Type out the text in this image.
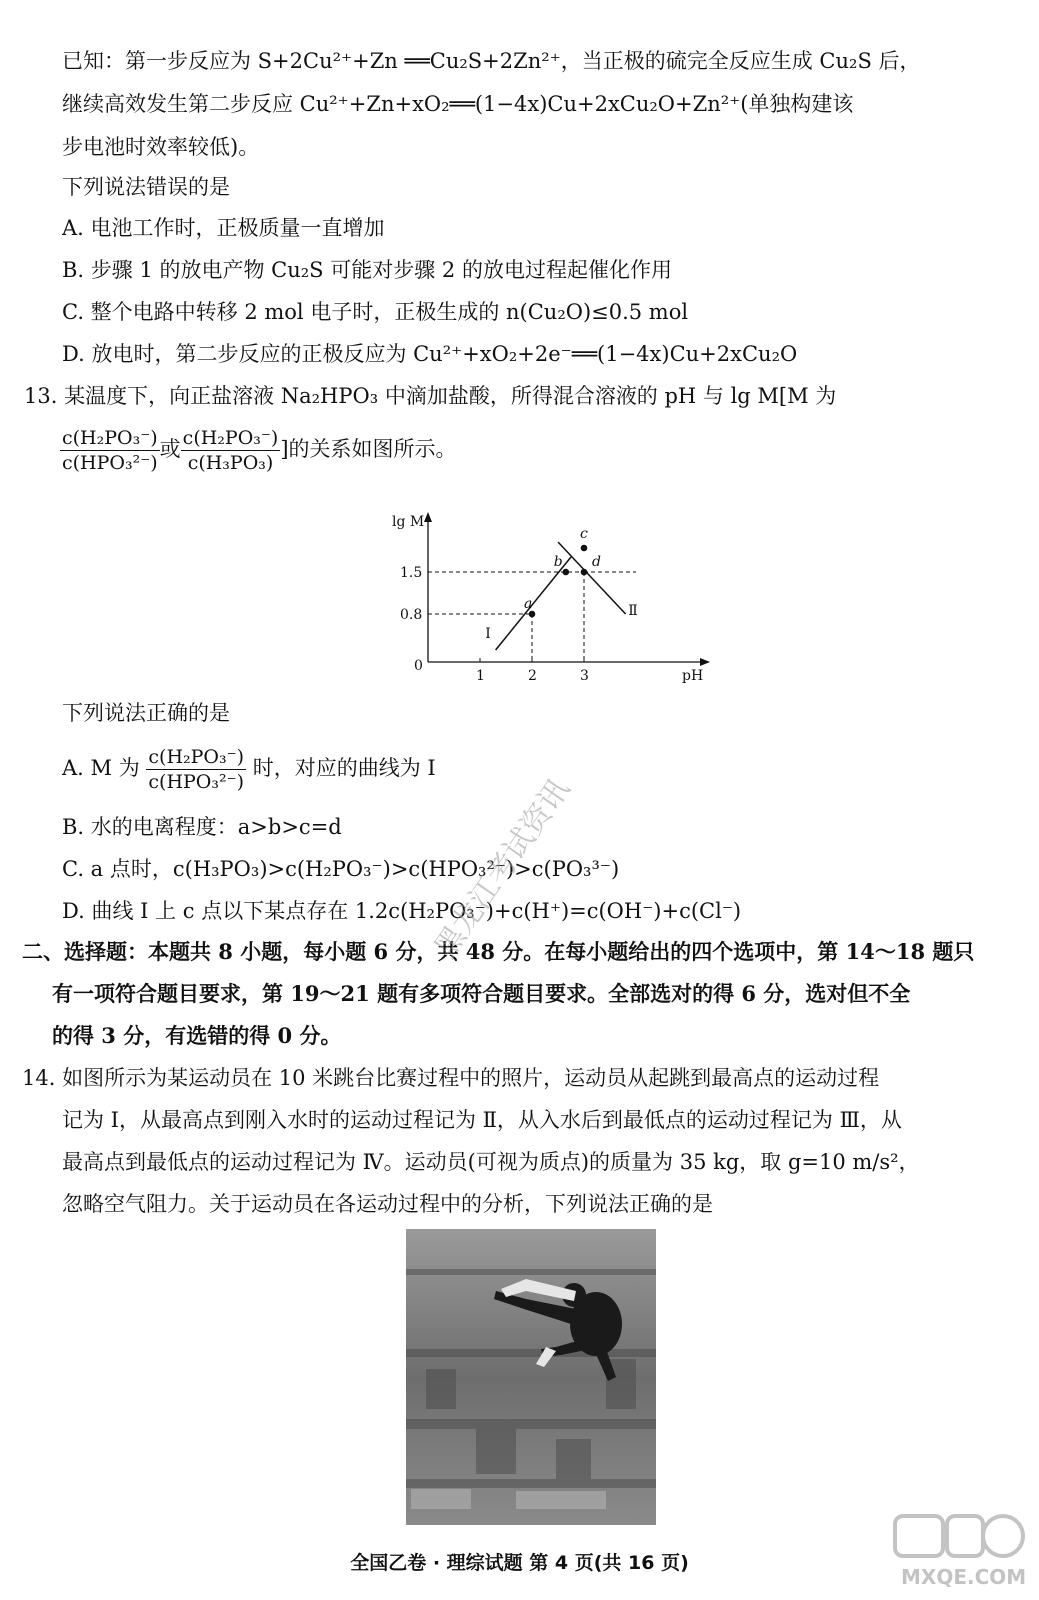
已知：第一步反应为 S+2Cu²⁺+Zn ══Cu₂S+2Zn²⁺，当正极的硫完全反应生成 Cu₂S 后，
继续高效发生第二步反应 Cu²⁺+Zn+xO₂══(1−4x)Cu+2xCu₂O+Zn²⁺(单独构建该
步电池时效率较低)。
下列说法错误的是
A. 电池工作时，正极质量一直增加
B. 步骤 1 的放电产物 Cu₂S 可能对步骤 2 的放电过程起催化作用
C. 整个电路中转移 2 mol 电子时，正极生成的 n(Cu₂O)≤0.5 mol
D. 放电时，第二步反应的正极反应为 Cu²⁺+xO₂+2e⁻══(1−4x)Cu+2xCu₂O
13. 某温度下，向正盐溶液 Na₂HPO₃ 中滴加盐酸，所得混合溶液的 pH 与 lg M[M 为
$\frac{\text{c(H₂PO₃⁻)}}{\text{c(HPO₃²⁻)}}$ 或 $\frac{\text{c(H₂PO₃⁻)}}{\text{c(H₃PO₃)}}$ ]的关系如图所示。
lg M
pH
0
1	2	3
0.8
1.5
Ⅰ
Ⅱ
a
b
c
d
下列说法正确的是
A. M 为 $\frac{\text{c(H₂PO₃⁻)}}{\text{c(HPO₃²⁻)}}$ 时，对应的曲线为 Ⅰ
B. 水的电离程度：a>b>c=d
C. a 点时，c(H₃PO₃)>c(H₂PO₃⁻)>c(HPO₃²⁻)>c(PO₃³⁻)
D. 曲线 Ⅰ 上 c 点以下某点存在 1.2c(H₂PO₃⁻)+c(H⁺)=c(OH⁻)+c(Cl⁻)
二、选择题：本题共 8 小题，每小题 6 分，共 48 分。在每小题给出的四个选项中，第 14～18 题只
有一项符合题目要求，第 19～21 题有多项符合题目要求。全部选对的得 6 分，选对但不全
的得 3 分，有选错的得 0 分。
14. 如图所示为某运动员在 10 米跳台比赛过程中的照片，运动员从起跳到最高点的运动过程
记为 Ⅰ，从最高点到刚入水时的运动过程记为 Ⅱ，从入水后到最低点的运动过程记为 Ⅲ，从
最高点到最低点的运动过程记为 Ⅳ。运动员(可视为质点)的质量为 35 kg，取 g=10 m/s²，
忽略空气阻力。关于运动员在各运动过程中的分析，下列说法正确的是
黑龙江考试资讯
全国乙卷 · 理综试题 第 4 页(共 16 页)
MXQE.COM
